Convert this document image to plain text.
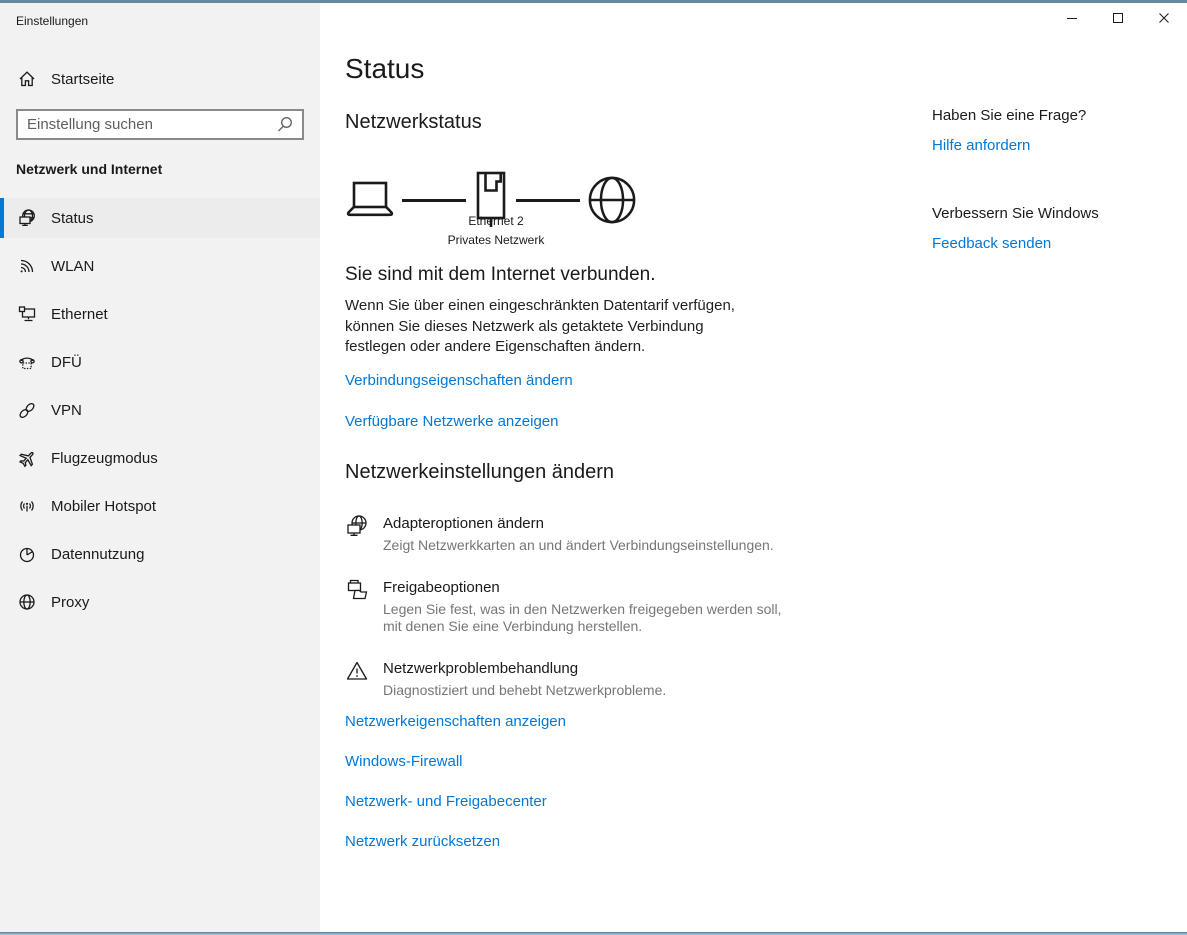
Einstellungen
Startseite
Einstellung suchen
Netzwerk und Internet
Status
WLAN
Ethernet
DFÜ
VPN
Flugzeugmodus
Mobiler Hotspot
Datennutzung
Proxy
Status
Netzwerkstatus
Ethernet 2
Privates Netzwerk
Sie sind mit dem Internet verbunden.
Wenn Sie über einen eingeschränkten Datentarif verfügen, können Sie dieses Netzwerk als getaktete Verbindung festlegen oder andere Eigenschaften ändern.
Verbindungseigenschaften ändern
Verfügbare Netzwerke anzeigen
Netzwerkeinstellungen ändern
Adapteroptionen ändern
Zeigt Netzwerkkarten an und ändert Verbindungseinstellungen.
Freigabeoptionen
Legen Sie fest, was in den Netzwerken freigegeben werden soll, mit denen Sie eine Verbindung herstellen.
Netzwerkproblembehandlung
Diagnostiziert und behebt Netzwerkprobleme.
Netzwerkeigenschaften anzeigen
Windows-Firewall
Netzwerk- und Freigabecenter
Netzwerk zurücksetzen
Haben Sie eine Frage?
Hilfe anfordern
Verbessern Sie Windows
Feedback senden
